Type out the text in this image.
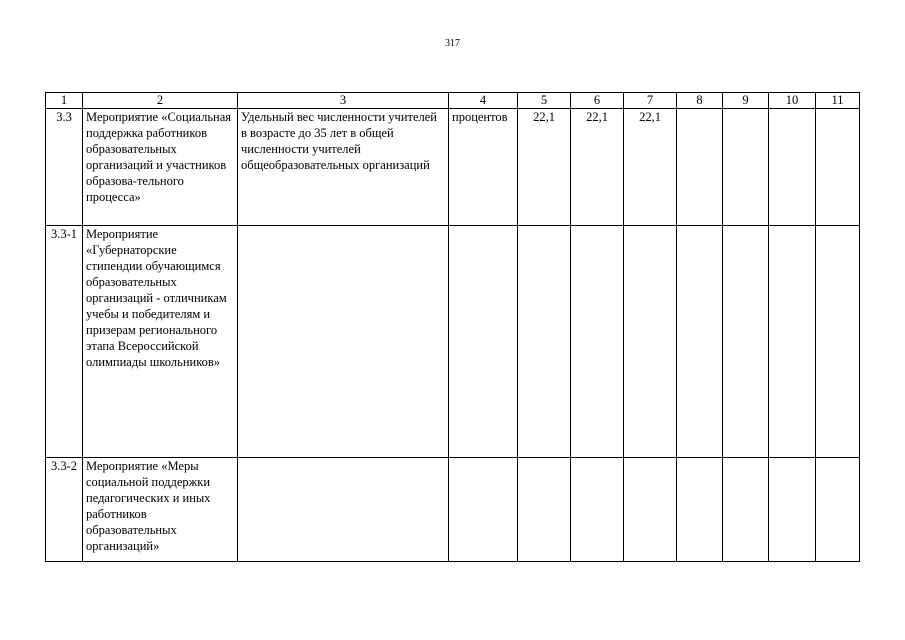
317
1	2	3	4	5	6	7	8	9	10	11
3.3	Мероприятие «Социальная поддержка работников образовательных организаций и участников образова-тельного процесса»	Удельный вес численности учителей в возрасте до 35 лет в общей численности учителей общеобразовательных организаций	процентов	22,1	22,1	22,1				
3.3-1	Мероприятие «Губернаторские стипендии обучающимся образовательных организаций - отличникам учебы и победителям и призерам регионального этапа Всероссийской олимпиады школьников»									
3.3-2	Мероприятие «Меры социальной поддержки педагогических и иных работников образовательных организаций»									
